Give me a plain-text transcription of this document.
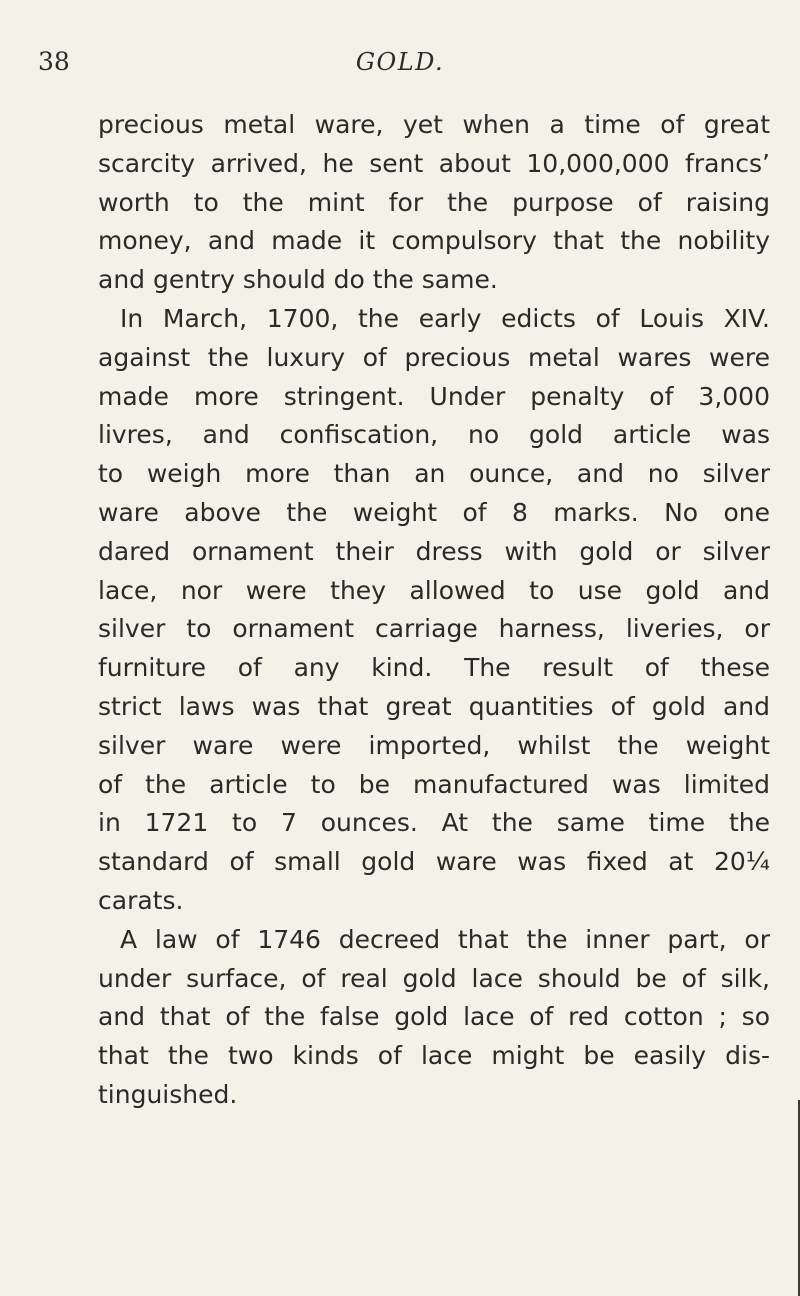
38	GOLD.
precious metal ware, yet when a time of great
scarcity arrived, he sent about 10,000,000 francs’
worth to the mint for the purpose of raising
money, and made it compulsory that the nobility
and gentry should do the same.
In March, 1700, the early edicts of Louis XIV.
against the luxury of precious metal wares were
made more stringent. Under penalty of 3,000
livres, and confiscation, no gold article was
to weigh more than an ounce, and no silver
ware above the weight of 8 marks. No one
dared ornament their dress with gold or silver
lace, nor were they allowed to use gold and
silver to ornament carriage harness, liveries, or
furniture of any kind. The result of these
strict laws was that great quantities of gold and
silver ware were imported, whilst the weight
of the article to be manufactured was limited
in 1721 to 7 ounces. At the same time the
standard of small gold ware was fixed at 20¼
carats.
A law of 1746 decreed that the inner part, or
under surface, of real gold lace should be of silk,
and that of the false gold lace of red cotton ; so
that the two kinds of lace might be easily dis-
tinguished.
